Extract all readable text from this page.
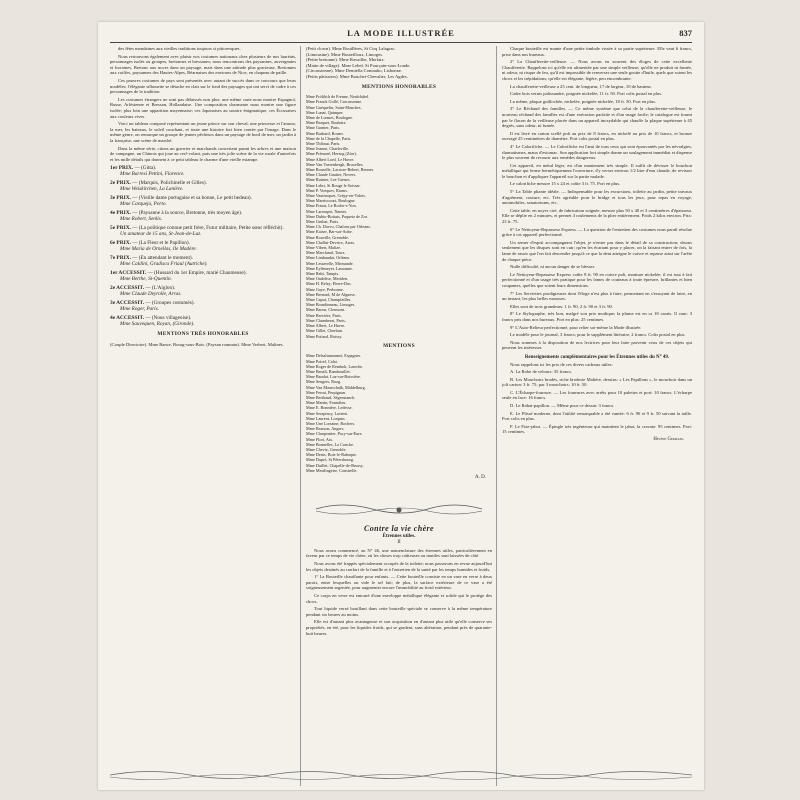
LA MODE ILLUSTRÉE	837

des fêtes mondaines aux vieilles traditions toujours si pittoresques.

Nous retrouvons également avec plaisir nos costumes nationaux chez plusieurs de nos lauréats, personnages isolés ou groupes, bretonnes et bressanes; nous rencontrons des paysannes, auvergnates et lorraines, Bretons aux noces dans un paysage, mais dans une attitude plus gracieuse, Bretonnes aux coiffes, paysannes des Hautes-Alpes, Béarnaises des environs de Nice, en chapeau de paille.

Ces pauvres costumes de pays sont présentés avec autant de succès dans ce concours que leurs modèles; l'élégante silhouette se détache en clair sur le fond des paysages qui ont servi de cadre à ces personnages de la tradition.

Les costumes étrangers ne sont pas délaissés non plus: une même carte nous montre Espagnol, Russe, Arlésienne et Bressan, Hollandaise. Une composition charmante nous montre une figure isolée; plus loin une apparition mayennaise; ces Japonaises au sourire énigmatique, ces Écossaises aux couleurs vives.

Voici un tableau composé représentant un jeune prince sur son cheval, une princesse et l'amour, la mer, les bateaux, le soleil couchant, et toute une histoire fort bien contée par l'image. Dans le même genre, on remarque un groupe de jeunes pêcheurs dans un paysage de bord de mer, un jardin à la française, une scène de marché.

Dans la même série, citons un guerrier et marchands concertant parmi les arbres et une maison de campagne, un Chinois qui joue au cerf-volant, puis une très jolie scène de la vie rurale d'autrefois et les mille détails qui donnent à ce petit tableau le charme d'une vieille estampe.

1er PRIX. — (Gitta).
Mme Barresi Pettini, Florence.
2e PRIX. — (Marquis, Polichinelle et Gilles).
Mme Weiskirchen, La Lanière.
3e PRIX. — (Vieille dame portugaise et sa bonne, Le petit bedeau).
Mme Carqueja, Porto.
4e PRIX. — (Paysanne à la source, Bretonne, très moyen âge).
Mme Robert, Senlis.
5e PRIX. — (La politique connue petit frère, Futur militaire, Petite sœur réfléchit).
Un amateur de 15 ans, St-Jean-de-Luz.
6e PRIX. — (La Fleur et le Papillon).
Mme Maria de Ornellas, Ile Madère.
7e PRIX. — (En attendant le moment).
Mme Caldini, Gradisca Friaul (Autriche).
1er ACCESSIT. — (Hussard du 1er Empire, marié Chaumeuse).
Mme Berthe, St-Quentin.
2e ACCESSIT. — (L'Aiglon).
Mme Claude Deyrolle, Arras.
3e ACCESSIT. — (Groupes costumés).
Mme Roger, Paris.
4e ACCESSIT. — (Nous villageoise).
Mme Sauvequen, Royan, (Gironde).
MENTIONS TRÈS HONORABLES

(Couple Directoire). Mme Rance, Bourg-sous-Bois. (Paysan roumain). Mme Verbert, Malines.

(Petit clown). Mme Rouillères, St Cirq Lalagrac.
(Limousine). Mme Bouteilloux, Limoges.
(Petite bretonne). Mme Ravailler, Morlaix.
(Matin de village). Mme Lebel, St Pourçain-sous-Loude.
(Circassienne). Mme Demiella Contauho, Lisbonne.
(Petits pâtissiers). Mme Bouchet-Chevalier, Les Agdes.
MENTIONS HONORABLES
Mme Fröhlich de Frenne, Neufchâtel.
Mme Franck Gollé, Carcassonne.
Mme Guéquelin, Saint-Manches.
Mme Lunat, Quimper.
Mme de Lormes, Boulogne.
Mme Braquet, Roubaix.
Mme Garnier, Paris.
Mme Burkard, Rouen.
Mme de la Chapelle, Paris.
Mme Thibaut, Paris.
Mme Jeanne, Charleville.
Mme Prémoré, Herzog (Zürr).
Mme Albert Lord, Le Havre.
Mme Van Vaerenbergh, Bruxelles.
Mme Rouselle, Lacroze-Rebert, Rennes.
Mme Claude Gautier, Nevers.
Mme Ruinier, Lee Grenes.
Mme Lebri, St Rouge le Soissar.
Mme P. Voeques, Rioms.
Mme Vautiroquet, Crépy-en-Valois.
Mme Marriocourt, Boulogne.
Mme Frasat, Le Roche-s-Yon.
Mme Larroupie, Nantes.
Mme Dubio-Bottais, Paquetz de Zor.
Mme Grubat, Paris.
Mme Ch. Dorvo, Chalons par Orleans.
Mme Kaiser, Bar-sur-Aube.
Mme Rouville, Grenoble.
Mme Challut-Devrice, Arras.
Mme Vibert, Malize.
Mme Marchand, Tours.
Mme Limbaudat, Orléans.
Mme Lestavelle, Mirmande.
Mme Eylèmeyer, Lausanne.
Mme Rabi, Tampis.
Mme Oudelise, Meriden.
Mme H. Reley, Pierre-Duc.
Mme Gaye, Perbonne.
Mme Bernard, M de Alguese.
Mme Caput, Champfailles.
Mme Bourdinneau, Limoges.
Mme Baron, Clermont.
Mme Brevière, Paris.
Mme Chamberat, Paris.
Mme Albert, Le Havre.
Mme Gillet, Cherbun.
Mme Poitard, Roissy.
MENTIONS
Mme Delsaltamonnet, Espagnes.
Mme Poirel, Calai.
Mme Roger de Rembok, Laroche.
Mme Benali, Rambouillet.
Mme Baudot, Luz-sur-Boissière.
Mme Sengers, Rozg.
Mme Van Maarschalk, Middelburg.
Mme Ferrat, Perpignan.
Mme Berthaud, Ségensianch.
Mme Martin, Fontalieu.
Mme E. Bonnière, Ledesse.
Mme Serapincy, Lorient.
Mme Laurent, Lorquin.
Mme Une Lorraine, Rochers.
Mme Brasson, Angers.
Mme Charpentier, Pacy-sur-Eure.
Mme Flori, Aix.
Mme Bonnelles, La Conche.
Mme Cheviz, Grenoble.
Mme Denis, Bois-le-Rabaque.
Mme Dupré, St Pétersbourg.
Mme Duillet, Chapelle-de-Brussy.
Mme Mestlingeire, Constrelle.
A. D.
Contre la vie chère
Étrennes utiles.
II

Nous avons commencé, au N° 46, une nomenclature des étrennes utiles, particulièrement en faveur par ce temps de vie chère, où les choses trop coûteuses ou inutiles sont laissées de côté.

Nous avons été frappés spécialement occupés de la toilette; nous passerons en revue aujourd'hui les objets destinés au confort de la famille et à l'entretien de la santé par les temps humides et froids.

1° La Bouteille chauffante pour enfants. — Cette bouteille consiste en un vase en verre à deux parois, entre lesquelles on vide le sel fait; de plus, la surface extérieure de ce vase a été soigneusement argentée, pour augmenter encore l'immobilité au froid extérieur.

Ce corps en verre est entouré d'une enveloppe métallique élégante et solide qui le protège des chocs.

Tout liquide versé bouillant dans cette bouteille spéciale se conserve à la même température pendant six heures au moins.

Elle est d'autant plus avantageuse et son acquisition en d'autant plus utile qu'elle conserve ses propriétés, en été, pour les liquides froids, qui se gardent, sans altération, pendant près de quarante-huit heures.

Chaque bouteille est munie d'une petite timbale vissée à sa partie supérieure. Elle vaut 6 francs, prise dans nos bureaux.

2° La Chaufferette-veilleuse. — Nous avons eu souvent des éloges de cette excellente Chaufferette. Rappelons ici qu'elle est alimentée par une simple veilleuse; qu'elle ne produit ni fumée, ni odeur, ni risque de feu, qu'il est impossible de renverser une seule goutte d'huile, quels que soient les chocs et les trépidations; qu'elle est élégante, légère, peu encombrante.

La chaufferette-veilleuse a 25 cent. de longueur, 17 de largeur, 10 de hauteur.

Cadre bois vernis palissandre, poignée nickelée, 11 fr. 50. Port colis postal en plus.

La même, plaque guillochée, nickelée, poignée nickelée, 18 fr. 50. Port en plus.

3° Le Réchaud des familles. — Ce même système que celui de la chaufferette-veilleuse, le nouveau réchaud des familles est d'une exécution parfaite et d'un usage facile; le catalogue est fourni par le flacon de la veilleuse placée dans un appareil inoxydable qui chauffe la plaque supérieure à 45 degrés, sans odeur, ni fumée.

Il est livré en carton scellé poli au prix de 8 francs, en nickelé au prix de 10 francs, et bronze ouvragé 25 centimètres de diamètre. Port colis postal en plus.

4° Le Calorifiche. — Le Calorifiche est l'ami de tous ceux qui sont épouvantés par les névralgies, rhumatismes, maux d'estomac. Son application fort simple donne un soulagement immédiat et dispense le plus souvent de recourir aux remèdes dangereux.

Cet appareil, en métal léger, est d'un maniement très simple. Il suffit de dévisser le bouchon métallique qui ferme hermétiquement l'ouverture, d'y verser environ 1/2 litre d'eau chaude, de revisser le bouchon et d'appliquer l'appareil sur la partie malade.

Le calorifiche mesure 15 x 24 et coûte 3 fr. 75. Port en plus.

5° La Table pliante idéale. — Indispensable pour les excursions, toilette au jardin, petite travaux d'agrément, couture, etc. Très agréable pour le bridge et tous les jeux, pour repas en voyage, automobiles, sanatoriums, etc.

Cette table, en noyer ciré, de fabrication soignée, mesure plus 50 x 40 et 3 centimètres d'épaisseur. Elle se déplie en 2 minutes, et permet 4 roulements de la plier entièrement. Poids 2 kilos environ. Prix: 23 fr. 75.

6° Le Nettoyeur-Repasseur Express. — La question de l'entretien des costumes nous paraît résolue grâce à cet appareil perfectionné.

Un semer d'esprit accompagnant l'objet, je n'entre pas dans le détail de sa construction; disons seulement que les disques sont en cuir; qu'en les écartant pour y placer, on la faisant entrer de fois, la lame de rasoir que l'on fait descendre jusqu'à ce que la dent atteigne le cuivre et repasse ainsi sur l'arête de chaque pièce.

Nulle difficulté, ni aucun danger de se blesser.

Le Nettoyeur-Repasseur Express coûte 8 fr. 90 en cuivre poli, monture nickelée; il est tout à fait perfectionné et d'un usage très pratique pour les lames de couteaux à toute épreuve, brillantes et bien coupantes, quelles que soient leurs dimensions.

7° Les Serviettes prodigieuses dont l'éloge n'est plus à faire, permettant en s'essuyant de faire, en un instant, les plus belles mousses.

Elles sont de trois grandeurs: 1 fr. 90, 2 fr. 90 et 3 fr. 90.

8° Le Stylographe, très bon, malgré son prix modique; la plume est en or 18 carats. Il vaut: 3 francs pris dans nos bureaux. Port en plus: 25 centimes.

9° L'Auto-Relieur perfectionné, pour relier soi-même la Mode illustrée.

Le modèle pour le journal, 3 francs; pour le supplément littéraire, 2 francs. Colis postal en plus.

Nous sommes à la disposition de nos lectrices pour leur faire parvenir ceux de ces objets qui peuvent les intéresser.

Renseignements complémentaires pour les Étrennes utiles du N° 49.

Nous rappelons ici les prix de ces divers cadeaux utiles:

A. La Robe de velours: 35 francs.

B. Les Mouchoirs brodés, riche broderie Malière, dessins: « Les Papillons », le mouchoir dans un joli carton: 3 fr. 75; par 3 mouchoirs: 10 fr. 50.

C. L'Écharpe-fourrure. — Les fourrures avec arrêts pour 10 palettes et port: 10 francs. L'écharpe seule en face: 16 francs.

D. Le Rabat-papillon. — Même pour ce dessin: 3 francs.

E. Le Plissé moderne, dont l'utilité remarquable a été vantée: 6 fr. 90 et 9 fr. 50 suivant la taille. Port colis en plus.

F. Le Fixe-jabot. — Épingle très ingénieuse qui maintient le jabot, la cravate: 95 centimes. Port: 15 centimes.

Hélène Germain.
